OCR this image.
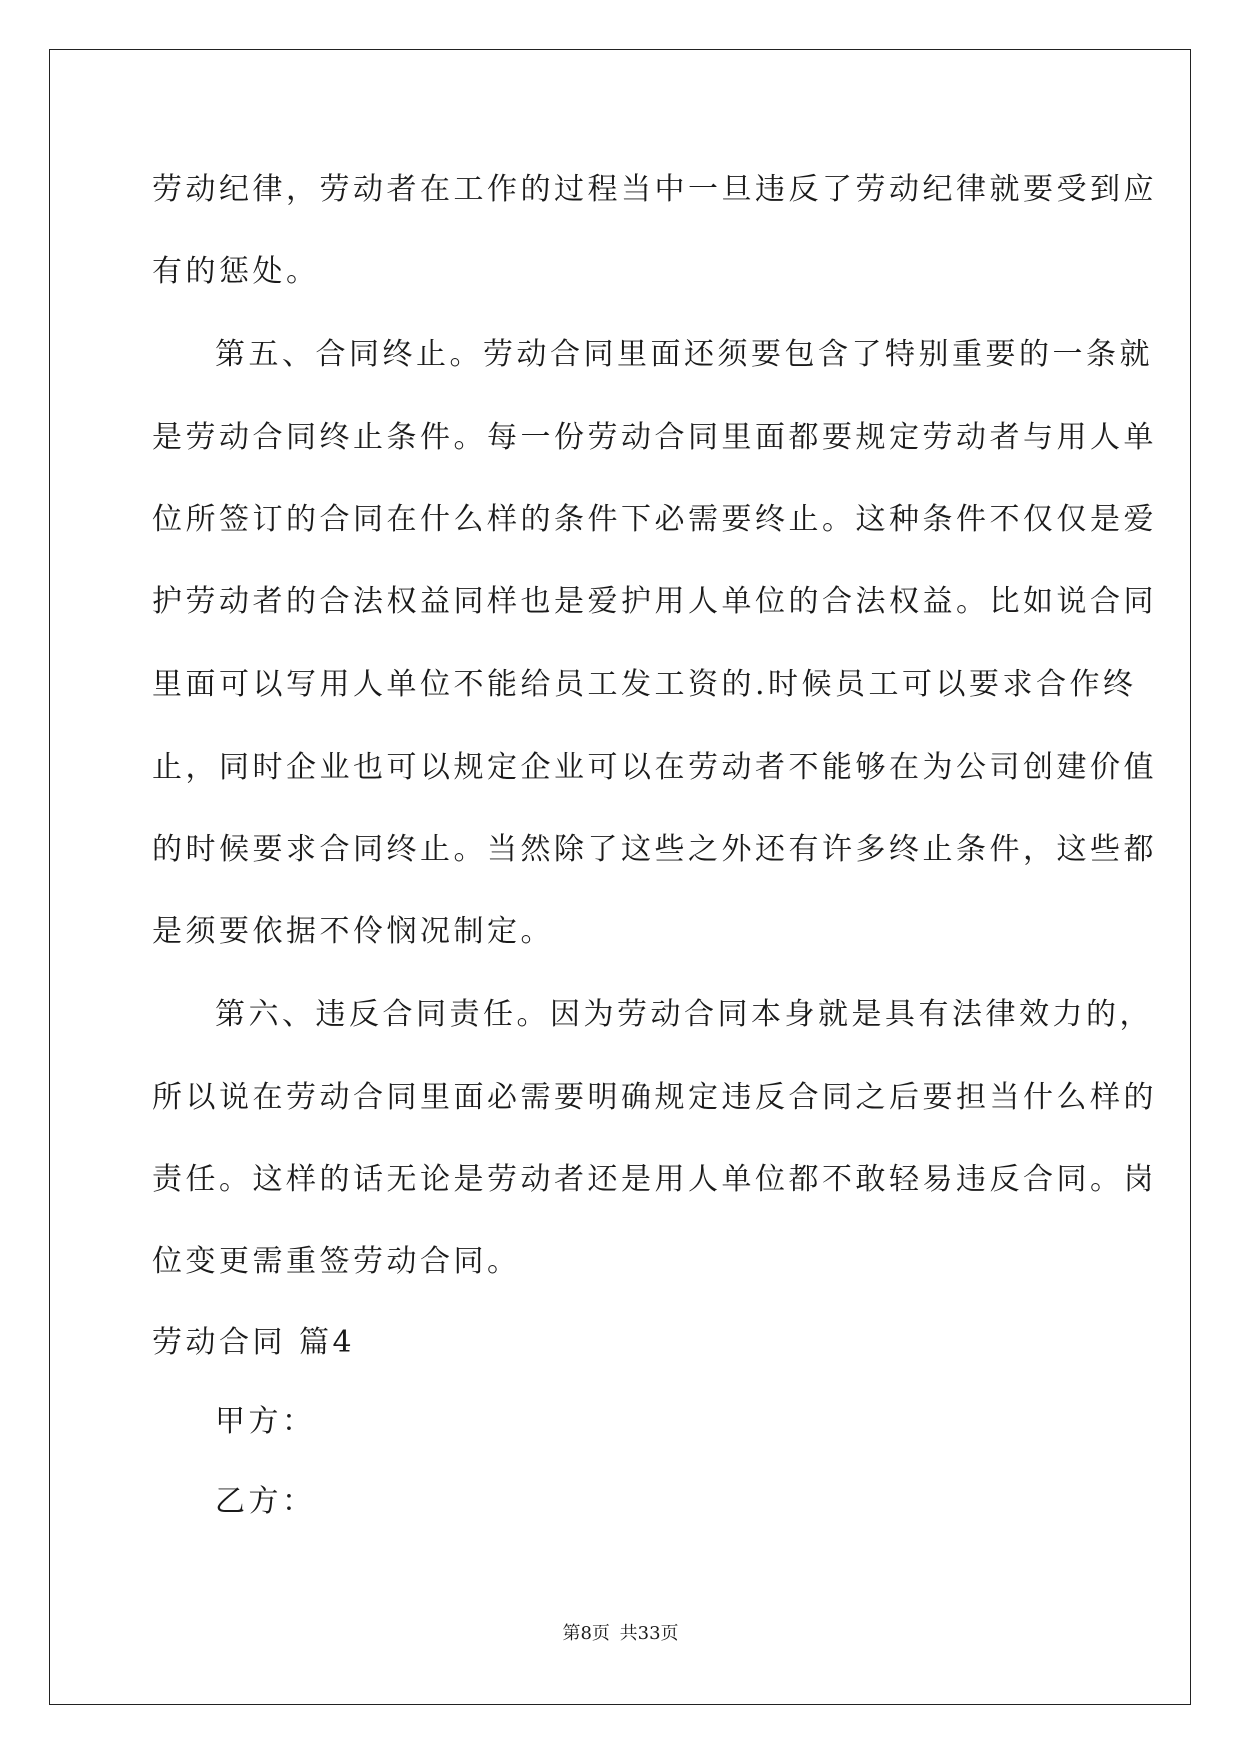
劳动纪律，劳动者在工作的过程当中一旦违反了劳动纪律就要受到应
有的惩处。
第五、合同终止。劳动合同里面还须要包含了特别重要的一条就
是劳动合同终止条件。每一份劳动合同里面都要规定劳动者与用人单
位所签订的合同在什么样的条件下必需要终止。这种条件不仅仅是爱
护劳动者的合法权益同样也是爱护用人单位的合法权益。比如说合同
里面可以写用人单位不能给员工发工资的.时候员工可以要求合作终
止，同时企业也可以规定企业可以在劳动者不能够在为公司创建价值
的时候要求合同终止。当然除了这些之外还有许多终止条件，这些都
是须要依据不伶悯况制定。
第六、违反合同责任。因为劳动合同本身就是具有法律效力的，
所以说在劳动合同里面必需要明确规定违反合同之后要担当什么样的
责任。这样的话无论是劳动者还是用人单位都不敢轻易违反合同。岗
位变更需重签劳动合同。
劳动合同 篇4
甲方：
乙方：
第8页 共33页
